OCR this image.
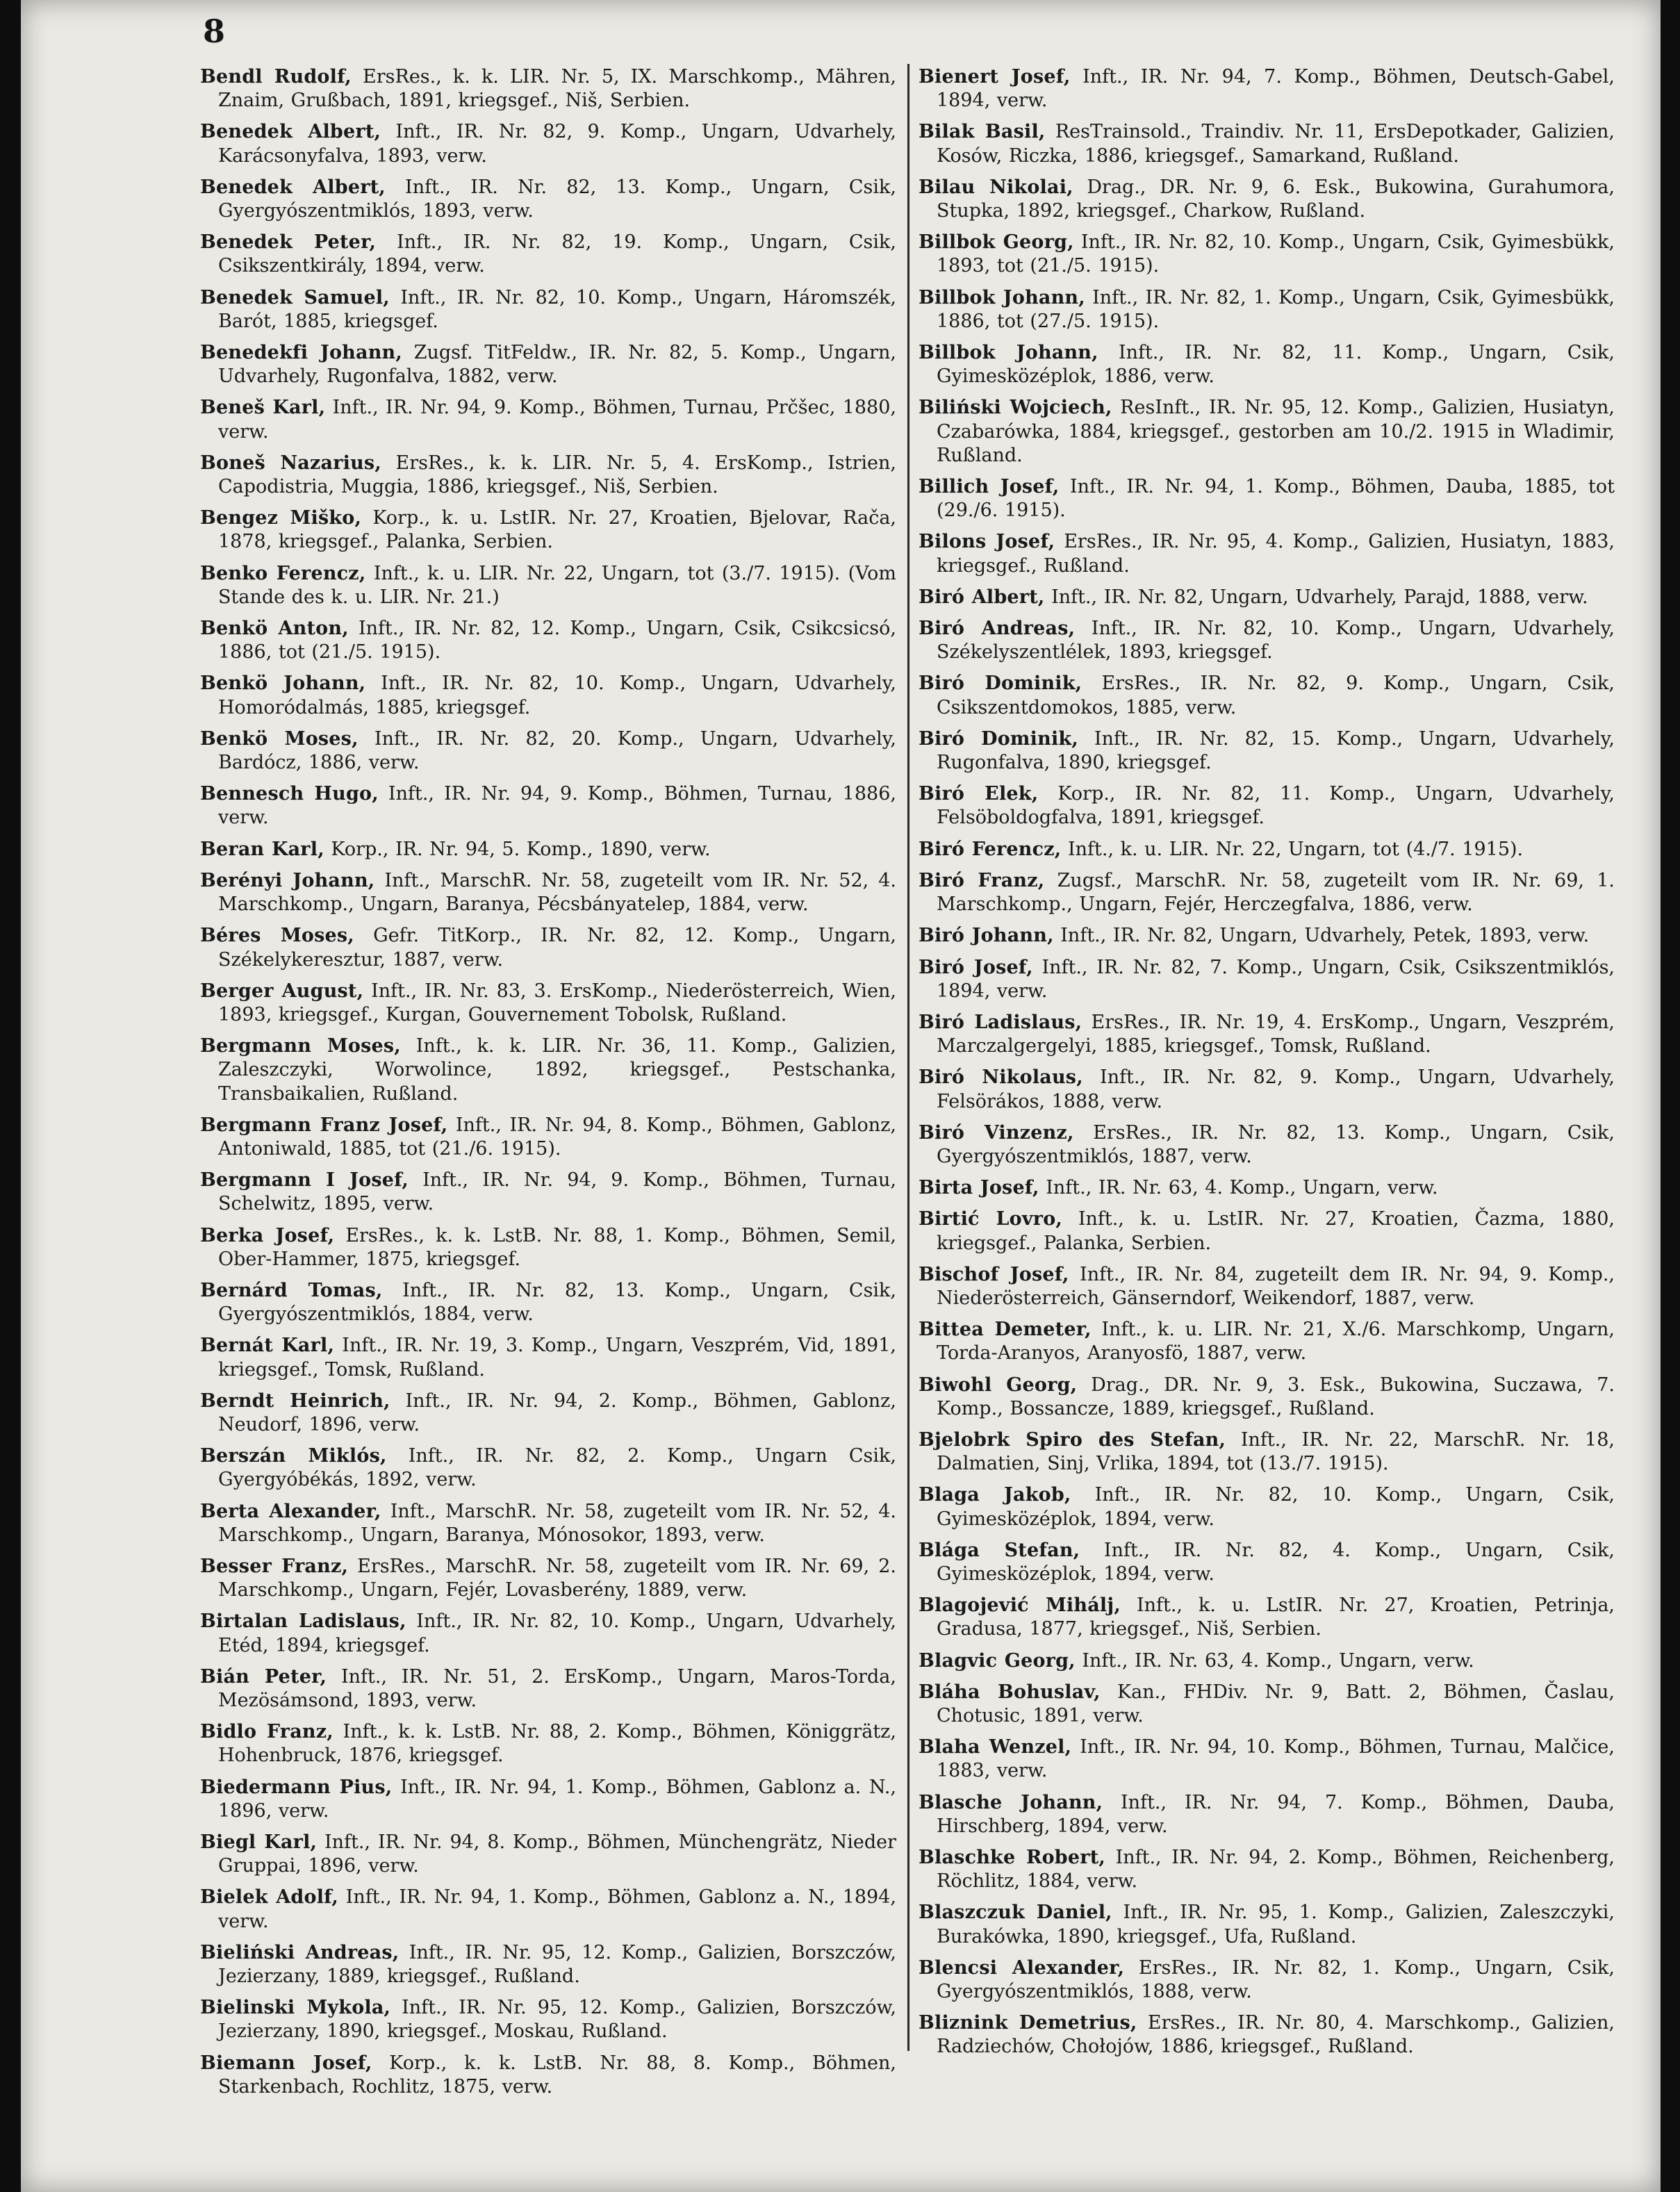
8
Bendl Rudolf, ErsRes., k. k. LIR. Nr. 5, IX. Marschkomp., Mähren, Znaim, Grußbach, 1891, kriegsgef., Niš, Serbien.
Benedek Albert, Inft., IR. Nr. 82, 9. Komp., Ungarn, Udvarhely, Karácsonyfalva, 1893, verw.
Benedek Albert, Inft., IR. Nr. 82, 13. Komp., Ungarn, Csik, Gyergyószentmiklós, 1893, verw.
Benedek Peter, Inft., IR. Nr. 82, 19. Komp., Ungarn, Csik, Csikszentkirály, 1894, verw.
Benedek Samuel, Inft., IR. Nr. 82, 10. Komp., Ungarn, Háromszék, Barót, 1885, kriegsgef.
Benedekfi Johann, Zugsf. TitFeldw., IR. Nr. 82, 5. Komp., Ungarn, Udvarhely, Rugonfalva, 1882, verw.
Beneš Karl, Inft., IR. Nr. 94, 9. Komp., Böhmen, Turnau, Prčšec, 1880, verw.
Boneš Nazarius, ErsRes., k. k. LIR. Nr. 5, 4. ErsKomp., Istrien, Capodistria, Muggia, 1886, kriegsgef., Niš, Serbien.
Bengez Miško, Korp., k. u. LstIR. Nr. 27, Kroatien, Bjelovar, Rača, 1878, kriegsgef., Palanka, Serbien.
Benko Ferencz, Inft., k. u. LIR. Nr. 22, Ungarn, tot (3./7. 1915). (Vom Stande des k. u. LIR. Nr. 21.)
Benkö Anton, Inft., IR. Nr. 82, 12. Komp., Ungarn, Csik, Csikcsicsó, 1886, tot (21./5. 1915).
Benkö Johann, Inft., IR. Nr. 82, 10. Komp., Ungarn, Udvarhely, Homoródalmás, 1885, kriegsgef.
Benkö Moses, Inft., IR. Nr. 82, 20. Komp., Ungarn, Udvarhely, Bardócz, 1886, verw.
Bennesch Hugo, Inft., IR. Nr. 94, 9. Komp., Böhmen, Turnau, 1886, verw.
Beran Karl, Korp., IR. Nr. 94, 5. Komp., 1890, verw.
Berényi Johann, Inft., MarschR. Nr. 58, zugeteilt vom IR. Nr. 52, 4. Marschkomp., Ungarn, Baranya, Pécsbányatelep, 1884, verw.
Béres Moses, Gefr. TitKorp., IR. Nr. 82, 12. Komp., Ungarn, Székelykeresztur, 1887, verw.
Berger August, Inft., IR. Nr. 83, 3. ErsKomp., Niederösterreich, Wien, 1893, kriegsgef., Kurgan, Gouvernement Tobolsk, Rußland.
Bergmann Moses, Inft., k. k. LIR. Nr. 36, 11. Komp., Galizien, Zaleszczyki, Worwolince, 1892, kriegsgef., Pestschanka, Transbaikalien, Rußland.
Bergmann Franz Josef, Inft., IR. Nr. 94, 8. Komp., Böhmen, Gablonz, Antoniwald, 1885, tot (21./6. 1915).
Bergmann I Josef, Inft., IR. Nr. 94, 9. Komp., Böhmen, Turnau, Schelwitz, 1895, verw.
Berka Josef, ErsRes., k. k. LstB. Nr. 88, 1. Komp., Böhmen, Semil, Ober-Hammer, 1875, kriegsgef.
Bernárd Tomas, Inft., IR. Nr. 82, 13. Komp., Ungarn, Csik, Gyergyószentmiklós, 1884, verw.
Bernát Karl, Inft., IR. Nr. 19, 3. Komp., Ungarn, Veszprém, Vid, 1891, kriegsgef., Tomsk, Rußland.
Berndt Heinrich, Inft., IR. Nr. 94, 2. Komp., Böhmen, Gablonz, Neudorf, 1896, verw.
Berszán Miklós, Inft., IR. Nr. 82, 2. Komp., Ungarn Csik, Gyergyóbékás, 1892, verw.
Berta Alexander, Inft., MarschR. Nr. 58, zugeteilt vom IR. Nr. 52, 4. Marschkomp., Ungarn, Baranya, Mónosokor, 1893, verw.
Besser Franz, ErsRes., MarschR. Nr. 58, zugeteilt vom IR. Nr. 69, 2. Marschkomp., Ungarn, Fejér, Lovasberény, 1889, verw.
Birtalan Ladislaus, Inft., IR. Nr. 82, 10. Komp., Ungarn, Udvarhely, Etéd, 1894, kriegsgef.
Bián Peter, Inft., IR. Nr. 51, 2. ErsKomp., Ungarn, Maros-Torda, Mezösámsond, 1893, verw.
Bidlo Franz, Inft., k. k. LstB. Nr. 88, 2. Komp., Böhmen, Königgrätz, Hohenbruck, 1876, kriegsgef.
Biedermann Pius, Inft., IR. Nr. 94, 1. Komp., Böhmen, Gablonz a. N., 1896, verw.
Biegl Karl, Inft., IR. Nr. 94, 8. Komp., Böhmen, Münchengrätz, Nieder Gruppai, 1896, verw.
Bielek Adolf, Inft., IR. Nr. 94, 1. Komp., Böhmen, Gablonz a. N., 1894, verw.
Bieliński Andreas, Inft., IR. Nr. 95, 12. Komp., Galizien, Borszczów, Jezierzany, 1889, kriegsgef., Rußland.
Bielinski Mykola, Inft., IR. Nr. 95, 12. Komp., Galizien, Borszczów, Jezierzany, 1890, kriegsgef., Moskau, Rußland.
Biemann Josef, Korp., k. k. LstB. Nr. 88, 8. Komp., Böhmen, Starkenbach, Rochlitz, 1875, verw.
Bienert Josef, Inft., IR. Nr. 94, 7. Komp., Böhmen, Deutsch-Gabel, 1894, verw.
Bilak Basil, ResTrainsold., Traindiv. Nr. 11, ErsDepotkader, Galizien, Kosów, Riczka, 1886, kriegsgef., Samarkand, Rußland.
Bilau Nikolai, Drag., DR. Nr. 9, 6. Esk., Bukowina, Gurahumora, Stupka, 1892, kriegsgef., Charkow, Rußland.
Billbok Georg, Inft., IR. Nr. 82, 10. Komp., Ungarn, Csik, Gyimesbükk, 1893, tot (21./5. 1915).
Billbok Johann, Inft., IR. Nr. 82, 1. Komp., Ungarn, Csik, Gyimesbükk, 1886, tot (27./5. 1915).
Billbok Johann, Inft., IR. Nr. 82, 11. Komp., Ungarn, Csik, Gyimesközéplok, 1886, verw.
Biliński Wojciech, ResInft., IR. Nr. 95, 12. Komp., Galizien, Husiatyn, Czabarówka, 1884, kriegsgef., gestorben am 10./2. 1915 in Wladimir, Rußland.
Billich Josef, Inft., IR. Nr. 94, 1. Komp., Böhmen, Dauba, 1885, tot (29./6. 1915).
Bilons Josef, ErsRes., IR. Nr. 95, 4. Komp., Galizien, Husiatyn, 1883, kriegsgef., Rußland.
Biró Albert, Inft., IR. Nr. 82, Ungarn, Udvarhely, Parajd, 1888, verw.
Biró Andreas, Inft., IR. Nr. 82, 10. Komp., Ungarn, Udvarhely, Székelyszentlélek, 1893, kriegsgef.
Biró Dominik, ErsRes., IR. Nr. 82, 9. Komp., Ungarn, Csik, Csikszentdomokos, 1885, verw.
Biró Dominik, Inft., IR. Nr. 82, 15. Komp., Ungarn, Udvarhely, Rugonfalva, 1890, kriegsgef.
Biró Elek, Korp., IR. Nr. 82, 11. Komp., Ungarn, Udvarhely, Felsöboldogfalva, 1891, kriegsgef.
Biró Ferencz, Inft., k. u. LIR. Nr. 22, Ungarn, tot (4./7. 1915).
Biró Franz, Zugsf., MarschR. Nr. 58, zugeteilt vom IR. Nr. 69, 1. Marschkomp., Ungarn, Fejér, Herczegfalva, 1886, verw.
Biró Johann, Inft., IR. Nr. 82, Ungarn, Udvarhely, Petek, 1893, verw.
Biró Josef, Inft., IR. Nr. 82, 7. Komp., Ungarn, Csik, Csikszentmiklós, 1894, verw.
Biró Ladislaus, ErsRes., IR. Nr. 19, 4. ErsKomp., Ungarn, Veszprém, Marczalgergelyi, 1885, kriegsgef., Tomsk, Rußland.
Biró Nikolaus, Inft., IR. Nr. 82, 9. Komp., Ungarn, Udvarhely, Felsörákos, 1888, verw.
Biró Vinzenz, ErsRes., IR. Nr. 82, 13. Komp., Ungarn, Csik, Gyergyószentmiklós, 1887, verw.
Birta Josef, Inft., IR. Nr. 63, 4. Komp., Ungarn, verw.
Birtić Lovro, Inft., k. u. LstIR. Nr. 27, Kroatien, Čazma, 1880, kriegsgef., Palanka, Serbien.
Bischof Josef, Inft., IR. Nr. 84, zugeteilt dem IR. Nr. 94, 9. Komp., Niederösterreich, Gänserndorf, Weikendorf, 1887, verw.
Bittea Demeter, Inft., k. u. LIR. Nr. 21, X./6. Marschkomp, Ungarn, Torda-Aranyos, Aranyosfö, 1887, verw.
Biwohl Georg, Drag., DR. Nr. 9, 3. Esk., Bukowina, Suczawa, 7. Komp., Bossancze, 1889, kriegsgef., Rußland.
Bjelobrk Spiro des Stefan, Inft., IR. Nr. 22, MarschR. Nr. 18, Dalmatien, Sinj, Vrlika, 1894, tot (13./7. 1915).
Blaga Jakob, Inft., IR. Nr. 82, 10. Komp., Ungarn, Csik, Gyimesközéplok, 1894, verw.
Blága Stefan, Inft., IR. Nr. 82, 4. Komp., Ungarn, Csik, Gyimesközéplok, 1894, verw.
Blagojević Mihálj, Inft., k. u. LstIR. Nr. 27, Kroatien, Petrinja, Gradusa, 1877, kriegsgef., Niš, Serbien.
Blagvic Georg, Inft., IR. Nr. 63, 4. Komp., Ungarn, verw.
Bláha Bohuslav, Kan., FHDiv. Nr. 9, Batt. 2, Böhmen, Časlau, Chotusic, 1891, verw.
Blaha Wenzel, Inft., IR. Nr. 94, 10. Komp., Böhmen, Turnau, Malčice, 1883, verw.
Blasche Johann, Inft., IR. Nr. 94, 7. Komp., Böhmen, Dauba, Hirschberg, 1894, verw.
Blaschke Robert, Inft., IR. Nr. 94, 2. Komp., Böhmen, Reichenberg, Röchlitz, 1884, verw.
Blaszczuk Daniel, Inft., IR. Nr. 95, 1. Komp., Galizien, Zaleszczyki, Burakówka, 1890, kriegsgef., Ufa, Rußland.
Blencsi Alexander, ErsRes., IR. Nr. 82, 1. Komp., Ungarn, Csik, Gyergyószentmiklós, 1888, verw.
Bliznink Demetrius, ErsRes., IR. Nr. 80, 4. Marschkomp., Galizien, Radziechów, Chołojów, 1886, kriegsgef., Rußland.
